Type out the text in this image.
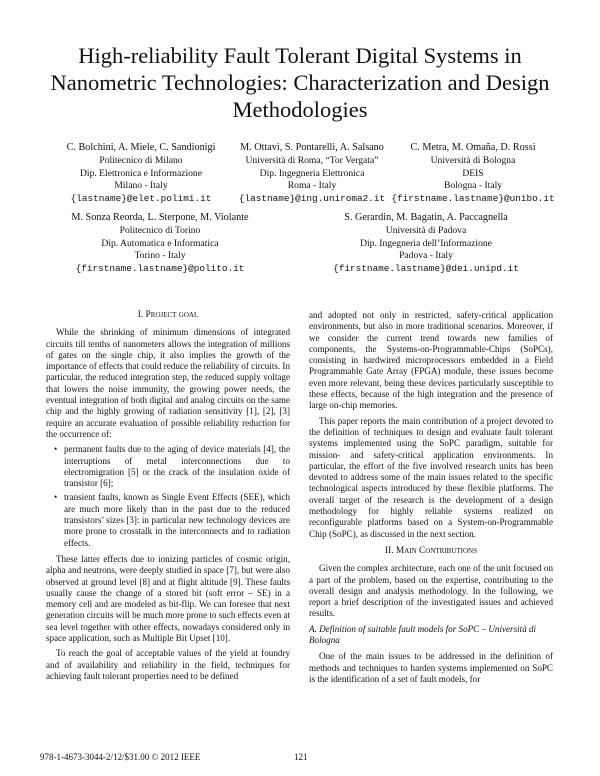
High-reliability Fault Tolerant Digital Systems in Nanometric Technologies: Characterization and Design Methodologies
C. Bolchini, A. Miele, C. Sandionigi
Politecnico di Milano
Dip. Elettronica e Informazione
Milano - Italy
{lastname}@elet.polimi.it
M. Ottavi, S. Pontarelli, A. Salsano
Università di Roma, “Tor Vergata”
Dip. Ingegneria Elettronica
Roma - Italy
{lastname}@ing.uniroma2.it
C. Metra, M. Omaña, D. Rossi
Università di Bologna
DEIS
Bologna - Italy
{firstname.lastname}@unibo.it
M. Sonza Reorda, L. Sterpone, M. Violante
Politecnico di Torino
Dip. Automatica e Informatica
Torino - Italy
{firstname.lastname}@polito.it
S. Gerardin, M. Bagatin, A. Paccagnella
Università di Padova
Dip. Ingegneria dell’Informazione
Padova - Italy
{firstname.lastname}@dei.unipd.it
I. Project goal

While the shrinking of minimum dimensions of integrated circuits till tenths of nanometers allows the integration of millions of gates on the single chip, it also implies the growth of the importance of effects that could reduce the reliability of circuits. In particular, the reduced integration step, the reduced supply voltage that lowers the noise immunity, the growing power needs, the eventual integration of both digital and analog circuits on the same chip and the highly growing of radiation sensitivity [1], [2], [3] require an accurate evaluation of possible reliability reduction for the occurrence of:

• permanent faults due to the aging of device materials [4], the interruptions of metal interconnections due to electromigration [5] or the crack of the insulation oxide of transistor [6];
• transient faults, known as Single Event Effects (SEE), which are much more likely than in the past due to the reduced transistors’ sizes [3]: in particular new technology devices are more prone to crosstalk in the interconnects and to radiation effects.

These latter effects due to ionizing particles of cosmic origin, alpha and neutrons, were deeply studied in space [7], but were also observed at ground level [8] and at flight altitude [9]. These faults usually cause the change of a stored bit (soft error – SE) in a memory cell and are modeled as bit-flip. We can foresee that next generation circuits will be much more prone to such effects even at sea level together with other effects, nowadays considered only in space application, such as Multiple Bit Upset [10].

To reach the goal of acceptable values of the yield at foundry and of availability and reliability in the field, techniques for achieving fault tolerant properties need to be defined

and adopted not only in restricted, safety-critical application environments, but also in more traditional scenarios. Moreover, if we consider the current trend towards new families of components, the Systems-on-Programmable-Chips (SoPCs), consisting in hardwired microprocessors embedded in a Field Programmable Gate Array (FPGA) module, these issues become even more relevant, being these devices particularly susceptible to these effects, because of the high integration and the presence of large on-chip memories.

This paper reports the main contribution of a project devoted to the definition of techniques to design and evaluate fault tolerant systems implemented using the SoPC paradigm, suitable for mission- and safety-critical application environments. In particular, the effort of the five involved research units has been devoted to address some of the main issues related to the specific technological aspects introduced by these flexible platforms. The overall target of the research is the development of a design methodology for highly reliable systems realized on reconfigurable platforms based on a System-on-Programmable Chip (SoPC), as discussed in the next section.

II. Main Contributions

Given the complex architecture, each one of the unit focused on a part of the problem, based on the expertise, contributing to the overall design and analysis methodology. In the following, we report a brief description of the investigated issues and achieved results.

A. Definition of suitable fault models for SoPC – Università di Bologna

One of the main issues to be addressed in the definition of methods and techniques to harden systems implemented on SoPC is the identification of a set of fault models, for

978-1-4673-3044-2/12/$31.00 © 2012 IEEE	121
